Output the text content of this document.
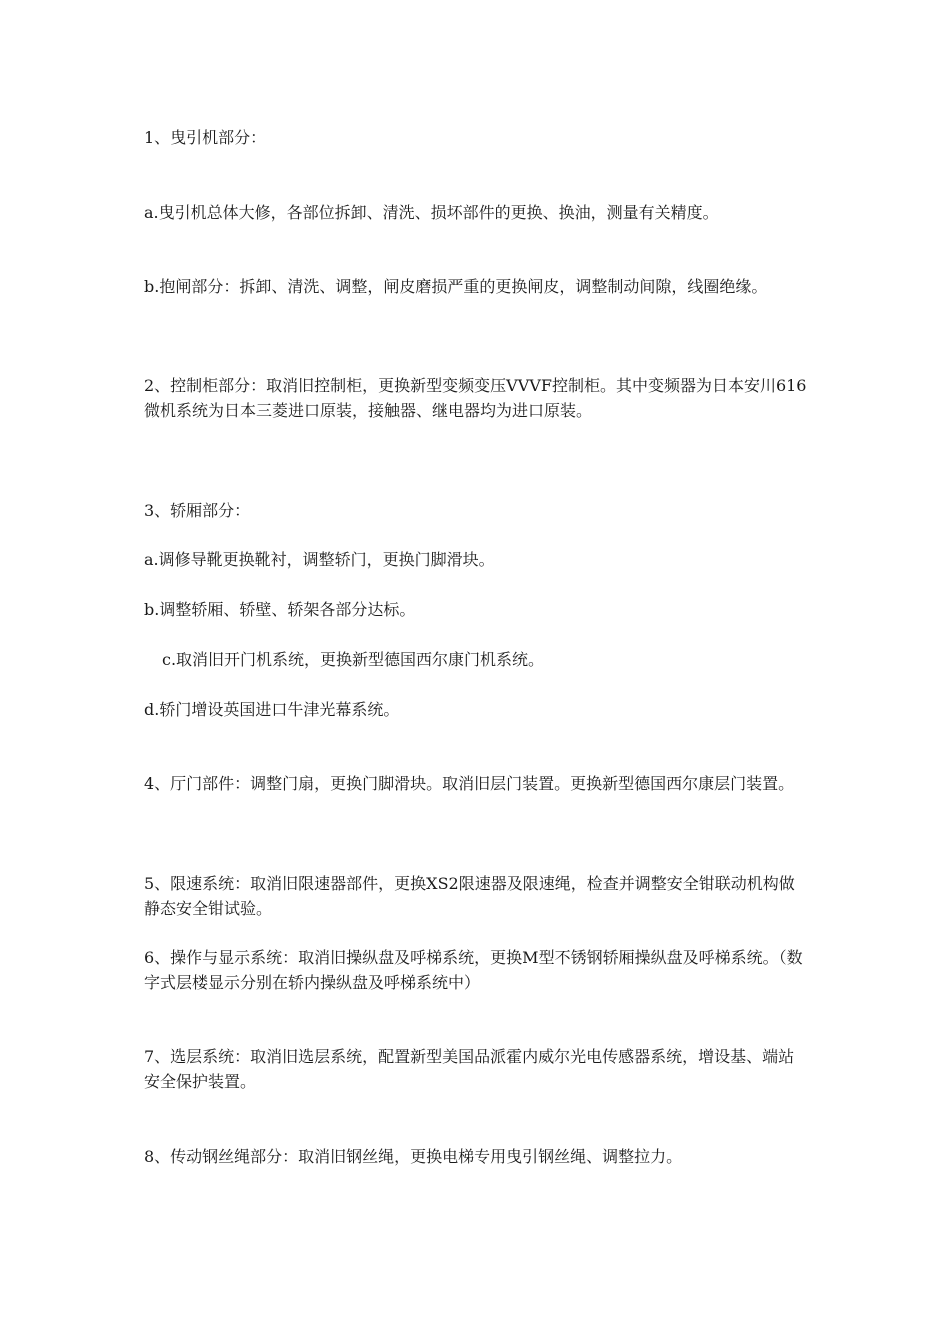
1、曳引机部分：

a.曳引机总体大修，各部位拆卸、清洗、损坏部件的更换、换油，测量有关精度。

b.抱闸部分：拆卸、清洗、调整，闸皮磨损严重的更换闸皮，调整制动间隙，线圈绝缘。

2、控制柜部分：取消旧控制柜，更换新型变频变压VVVF控制柜。其中变频器为日本安川616微机系统为日本三菱进口原装，接触器、继电器均为进口原装。

3、轿厢部分：

a.调修导靴更换靴衬，调整轿门，更换门脚滑块。

b.调整轿厢、轿壁、轿架各部分达标。

c.取消旧开门机系统，更换新型德国西尔康门机系统。

d.轿门增设英国进口牛津光幕系统。

4、厅门部件：调整门扇，更换门脚滑块。取消旧层门装置。更换新型德国西尔康层门装置。

5、限速系统：取消旧限速器部件，更换XS2限速器及限速绳，检查并调整安全钳联动机构做静态安全钳试验。

6、操作与显示系统：取消旧操纵盘及呼梯系统，更换M型不锈钢轿厢操纵盘及呼梯系统。（数字式层楼显示分别在轿内操纵盘及呼梯系统中）

7、选层系统：取消旧选层系统，配置新型美国品派霍内威尔光电传感器系统，增设基、端站安全保护装置。

8、传动钢丝绳部分：取消旧钢丝绳，更换电梯专用曳引钢丝绳、调整拉力。
